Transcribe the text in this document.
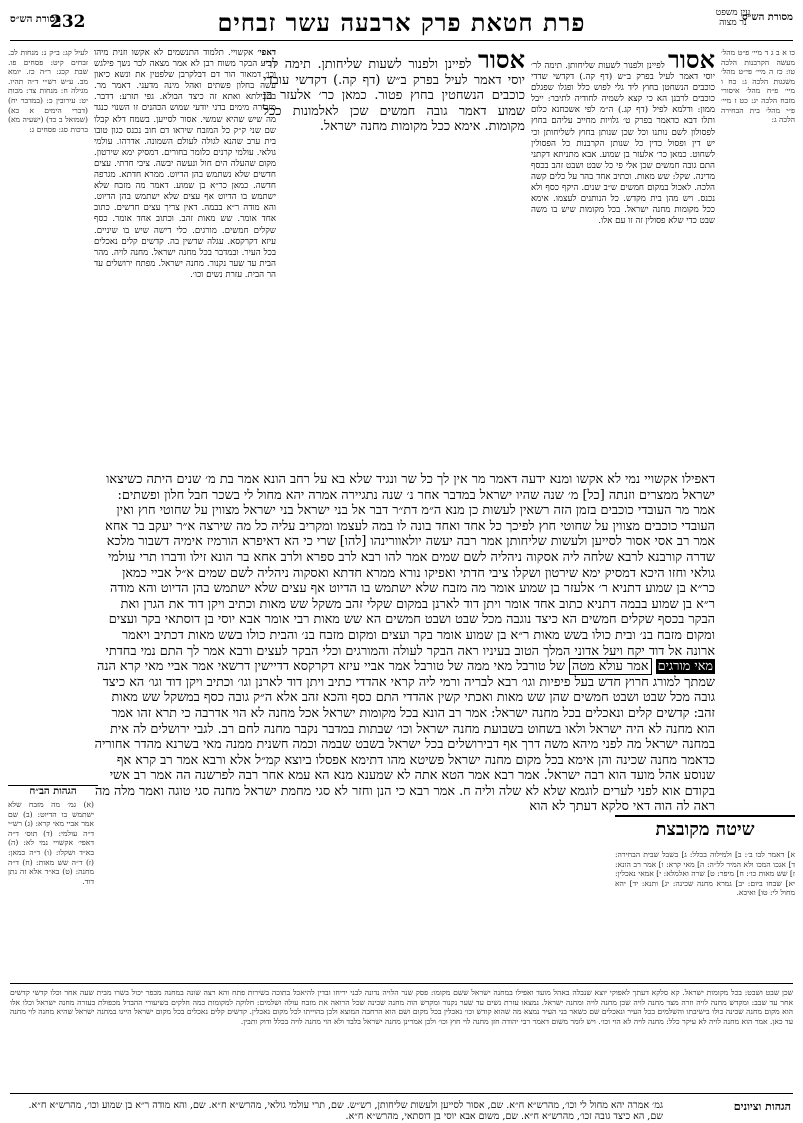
מסורת הש״ס
עין משפט נר מצוה
פרת חטאת פרק ארבעה עשר זבחים
232
מסורת הש״ס
כו א ב ג ד מיי׳ פ״ט מהל׳ מעשה הקרבנות הלכה טו: כז ה מיי׳ פי״ט מהל׳ משגגות הלכה ג: כח ו מיי׳ פ״ח מהל׳ איסורי מזבח הלכה יג: כט ז מיי׳ פ״י מהל׳ בית הבחירה הלכה ג:
אסור לפיינן ולפנור לשעות שליחותן. תימה לר׳ יוסי דאמר לעיל בפרק ב״ש (דף קה.) דקדשי שדדי כוכבים הנשחטן בחוץ ליד גלי לפוש כלל ופגלו שפגלם כוכבים לרבנן הא כי קצא לשמיה לחודיה לתיבר: ייבל ממון: ודלמא לפיל (דף קג.) ה״מ לפי אשכחנא כלום ותלו דבא כדאמר בפרק ט׳ גלויות מחייב עליהם בחוץ לפסולון לשם נותנו וכל שכן שנותן בחוץ לשליחותן וכי יש דין ופסול כדין כל שנותן הקרבנות כל הפסולין לשחוט. כמאן כר׳ אלעזר בן שמוע. אבא מתניתא דקתני התם גובה חמשים שכן אלי פי כל שבט ושבט זהב בכסף מדינה. שקל: שש מאות. וכתיב אחד בהר על כלים קשה הלכה. לאכול במקום חמשים ש״ב שנים. היקף כסף ולא נכנס. ויש מהן בית מקדש. כל הנותנים לעצמו. אימא ככל מקומות מחנה ישראל. בכל מקומות שיש בו משה שבט כדי שלא פסולין זה זו עם אלו.
אסור לפיינן ולפנור לשעות שליחותן. תימה לר׳ יוסי דאמר לעיל בפרק ב״ש (דף קה.) דקדשי עובדי כוכבים הנשחטין בחוץ פטור. כמאן כר׳ אלעזר בן שמוע דאמר גובה חמשים שכן לאלמונות ככל מקומות. אימא ככל מקומות מחנה ישראל.
דאפי׳ אקשויי. תלמוד התנשמים לא אקשו וזנית מיהו דביע הבקר משוח רבן לא אמר מצאה לבר נשך פילגש וכו׳ דמאור הור דם דבלקרבן שלפטין את ונשא כיאון עשה בחלון פשתים ואהל מינה מדעני. דאמר מר. במכילתא ואתא זה כיצד הבולא. גפי תזרע: דדבר. מזכירה מימים בדני יודעי שמוש הכהנים זו השנוי כנגד מה שיש שהיא שמשי. אסור לסייען. בשמח דלא קבלו שם שני ק״ק כל המזבח שיראו דם חוב נכנס כגון טובו בית ערב שהנא לגולה לעולם השמונה. אדרהו. עולמי גולאי. עולמי קרנים כלומר בחורים. דמסיק ימא שירטון. מקום שהעלה הים חול ונעשה יבשה. ציבי חדתי. עצים חדשים שלא נשתמש בהן הדיוט. ממרא חדתא. מגרפה חדשה. כמאן כר״א בן שמוע. דאמר מה מזבח שלא ישתמש בו הדיוט אף עצים שלא ישתמש בהן הדיוט. והא מודה ר״א בבמה. דאין צריך עצים חדשים. כתוב אחד אומר. שש מאות זהב. וכתוב אחד אומר. כסף שקלים חמשים. מורגים. כלי דישה שיש בו שיניים. עיזא דקרקסא. עגלה שדשין בה. קדשים קלים נאכלים בכל העיר. ובמדבר בכל מחנה ישראל. מחנה לויה. מהר הבית עד שער נקנור. מחנה ישראל. מפתח ירושלים עד הר הבית. עזרת נשים וכו׳.
לעיל קג: ב״ק נ: מנחות לב. זבחים קיט: פסחים פו. שבת קכג: ר״ה כז. יומא מב. ע״ש רש״י ד״ה תהיו. מגילה ח: מנחות צד: מכות יט: עירובין כ: (במדבר יח) (דברי הימים א כא) (שמואל ב כד) (ישעיה מא) ברכות סג: פסחים ג:
דאפילו אקשויי נמי לא אקשו ומנא ידעה דאמר מר אין לך כל שר ונגיד שלא בא על רחב הונא אמר בת מ׳ שנים היתה כשיצאו ישראל ממצרים וזנתה [כל] מ׳ שנה שהיו ישראל במדבר אחר נ׳ שנה נתגיירה אמרה יהא מחול לי בשכר חבל חלון ופשתים: אמר מר העובדי כוכבים בזמן הזה רשאין לעשות כן מנא ה״מ דת״ר דבר אל בני ישראל בני ישראל מצווין על שחוטי חוץ ואין העובדי כוכבים מצווין על שחוטי חוץ לפיכך כל אחד ואחד בונה לו במה לעצמו ומקריב עליה כל מה שירצה א״ר יעקב בר אחא אמר רב אסי אסור לסייען ולעשות שליחותן אמר רבה יעשה יולאוורינהו [להו] שרי כי הא דאיפרא הורמיז אימיה דשבור מלכא שדרה קורבנא לרבא שלחה ליה אסקוה ניהליה לשם שמים אמר להו רבא לרב ספרא ולרב אחא בר הונא זילו ודברו תרי עולמי גולאי וחזו היכא דמסיק ימא שירטון ושקלו ציבי חדתי ואפיקו נורא ממרא חדתא ואסקוה ניהליה לשם שמים א״ל אביי כמאן כר״א בן שמוע דתניא ר׳ אלעזר בן שמוע אומר מה מזבח שלא ישתמש בו הדיוט אף עצים שלא ישתמש בהן הדיוט והא מודה ר״א בן שמוע בבמה דתניא כתוב אחד אומר ויתן דוד לארנן במקום שקלי זהב משקל שש מאות וכתיב ויקן דוד את הגרן ואת הבקר בכסף שקלים חמשים הא כיצד נוגבה מכל שבט ושבט חמשים הא שש מאות רבי אומר אבא יוסי בן דוסתאי בקר ועצים ומקום מזבח בנ׳ ובית כולו בשש מאות ר״א בן שמוע אומר בקר ועצים ומקום מזבח בנ׳ והבית כולו בשש מאות דכתיב ויאמר ארונה אל דוד יקח ויעל אדוני המלך הטוב בעיניו ראה הבקר לעולה והמורגים וכלי הבקר לעצים ורבא אמר לך התם נמי בחדתי מאי מורגים אמר עולא מטה של טורבל מאי ממה של טורבל אמר אביי עיזא דקרקסא דדיישין דרשאי אמר אביי מאי קרא הנה שמתך למורג חרוץ חדש בעל פיפיות וגו׳ רבא לבריה ורמי ליה קראי אהדדי כתיב ויתן דוד לארנן וגו׳ וכתיב ויקן דוד וגו׳ הא כיצד גובה מכל שבט ושבט חמשים שהן שש מאות ואכתי קשין אהדדי התם כסף והכא זהב אלא ה״ק גובה כסף במשקל שש מאות זהב: קדשים קלים ונאכלים בכל מחנה ישראל: אמר רב הונא בכל מקומות ישראל אכל מחנה לא הוי אדרבה כי תרא זהו אמר הוא מחנה לא היה ישראל ולאו בשחוט בשבועת מחנה ישראל וכו׳ שבתות במדבר נקבר מחנה לחם רב. לגבי ירושלים לה אית במחנה ישראל מה לפני מיהא משה דרך אף דבירושלים בכל ישראל בשבט שבמה וכמה חשנית ממנה מאי בשרנא מהדר אחוריה כדאמר מחנה שכינה והן אימא בכל מקום מחנה ישראל פשיטא מהו דתימא אפסלו ביוצא קמ״ל אלא ורבא אמר רב קרא אף שנוסע אהל מועד הוא רבה ישראל. אמר רבא אמר הטא אתה לא שמענא מנא הא עמא אחר רבה לפרשנה הה אמר רב אשי בקודם אוא לפני לערים לוגמא שלא לא שלה וליה ח. אמר רבא כי הנן וחזר לא סגי מחמת ישראל מחנה סגי טוגה ואמר מלה מה ראה לה הוה דאי סלקא דעתך לא הוא
שיטה מקובצת
א] דאמר לבו ב׳: ב] ולמילוה בכלל: ג] בשבל שבית הבחירה: ד] אגכו המכו ולא המיר לל״ה: ה] מאי קרא: ו] אמר רב הונא: ז] שש מאות כו׳: ח] מיפר: ט] שרה ואלמלא: י] אמאי נאכלין: יא] שבחו ביום: יב] גמרא מחנה שכינה: יג] ותנא: יד] יהא מחול לי: טו] ואיכא.
הגהות הב״ח
(א) גמ׳ מה מזבח שלא ישתמש בו הדיוט: (ב) שם אמר אביי מאי קרא: (ג) רש״י ד״ה עולמי: (ד) תוס׳ ד״ה דאפי׳ אקשויי נמי לא: (ה) בא״ד ושקלו: (ו) ד״ה כמאן: (ז) ד״ה שש מאות: (ח) ד״ה מחנה: (ט) בא״ד אלא זה נתן דוד.
שכן שבט ושבט: בכל מקומות ישראל. קא סלקא דעתך לאפוקי יוצא שנבלה באהל מועד ואפילו במחנה ישראל ששם מקומו: פסק שנר הלויה נדונה לבני יריחו ובדין להיאכל בתוכה בשירות פתח והא רצה שונה במחנה מכפר יכול בשרו מבית שעה אחר וכלו קדשי קדשים אחר עד שבב: ומקדש מחנה לויה וזרה מצד מחנה לויה שכן מחנה לויה ומחנה ישראל. נמצאו עזרת נשים עד שער נקנור ומקדש הוה מחנה שכינה שכל הרואה את מזבח עולה ושלמים: חלוקה למקומות כמה חלקים בשיעורי ההבדל מכפולת בעזרה מחנה ישראל וכלו אלו הוא מקום מחנה שכינה כולו בישיבתו והשלמים בכל העיר ונאכלים שם כשאר בני העיר נמצא מה שהוא קודש וכו׳ נאכלין בכל מקום ושם הוא הרחבה המוצא ולכן בהוייתו לכל מקום נאכלין. קדשים קלים נאכלים בכל מקום ישראל היינו במחנה ישראל שהיא מחנה לוי מחנה עד כאן. אמר הוא מחנה לויה לא עיקר כלל: מחנה לויה לא הוי וכו׳. ויש לומר משום דאמר רבי יהודה חזן מחנה לוי חוץ וכו׳ ולכן אמרינן מחנה ישראל בלבד ולא הוי מחנה לויה בכלל ודוק ותבין.
הגהות וציונים
גמ׳ אמרה יהא מחול לי וכו׳, מהרש״א ח״א. שם, אסור לסייען ולעשות שליחותן, רש״ש. שם, תרי עולמי גולאי, מהרש״א ח״א. שם, והא מודה ר״א בן שמוע וכו׳, מהרש״א ח״א. שם, הא כיצד גובה זכו׳, מהרש״א ח״א. שם, משום אבא יוסי בן דוסתאי, מהרש״א ח״א.
